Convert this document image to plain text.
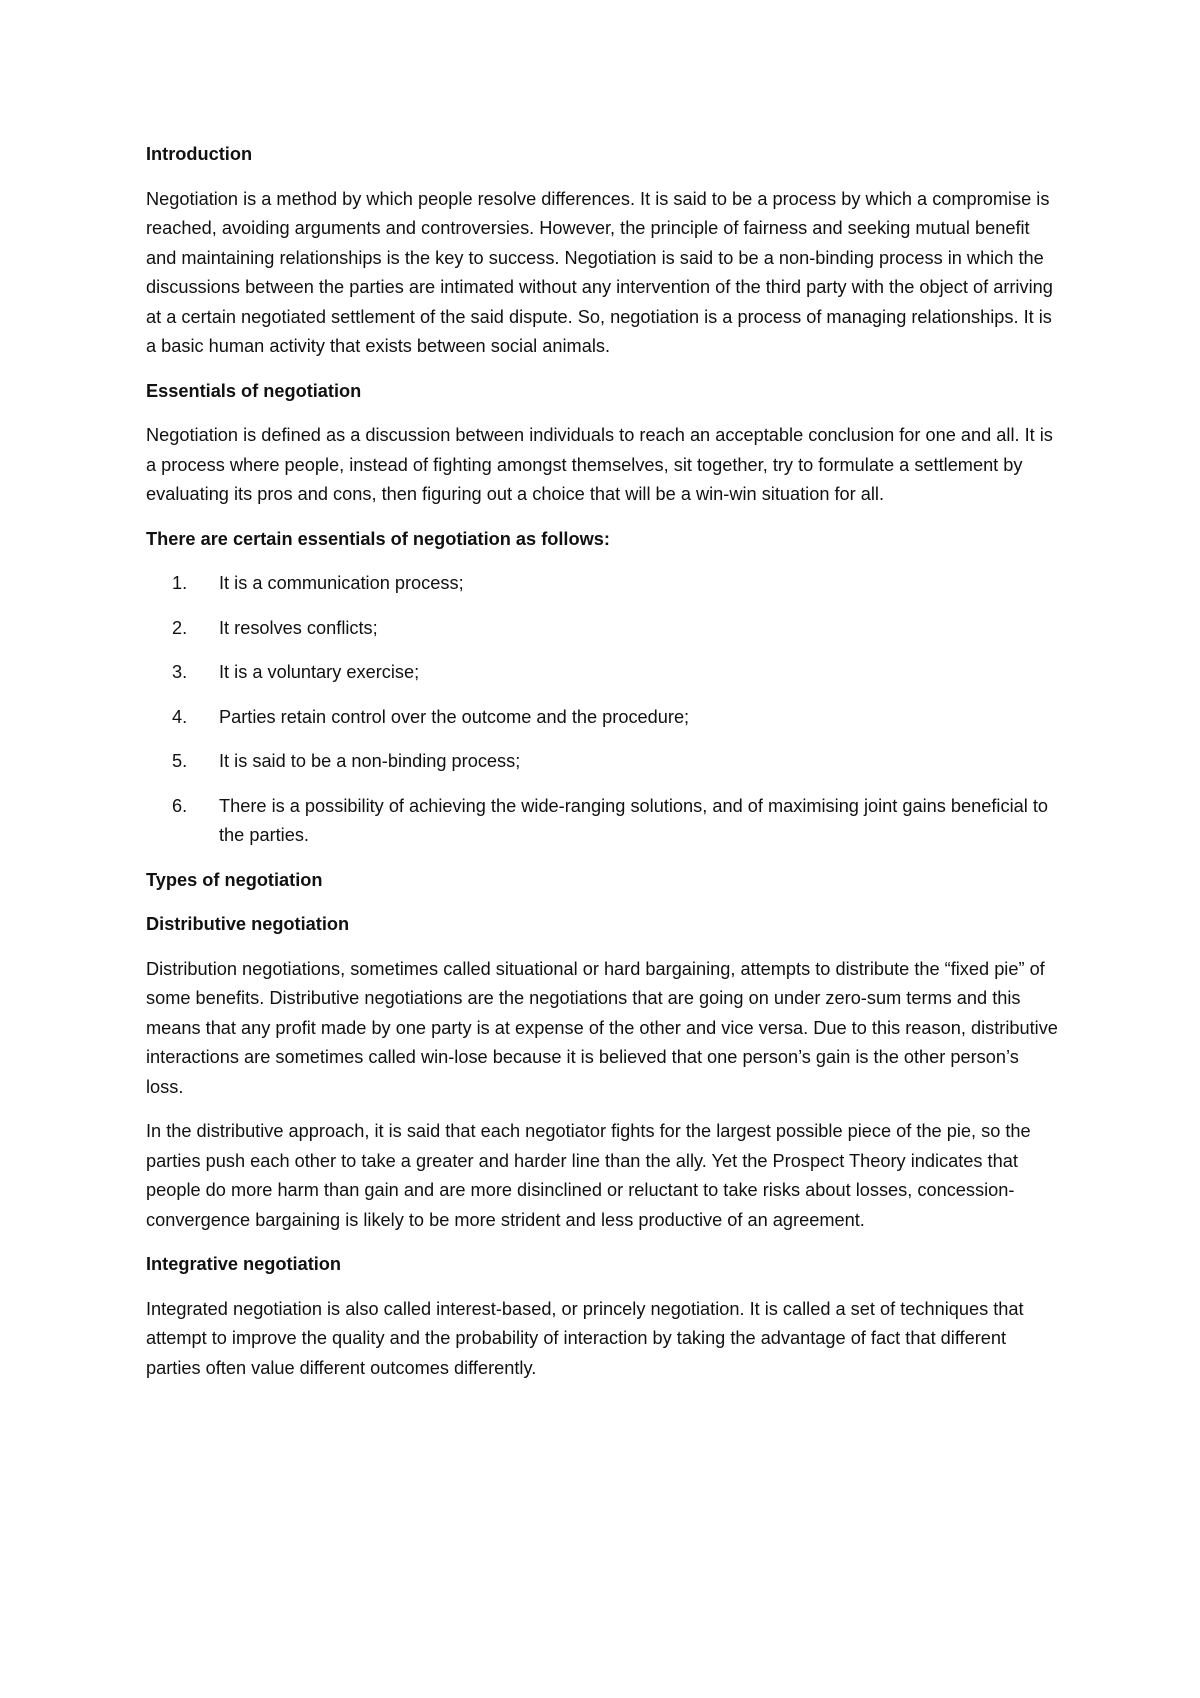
Introduction
Negotiation is a method by which people resolve differences. It is said to be a process by which a compromise is reached, avoiding arguments and controversies. However, the principle of fairness and seeking mutual benefit and maintaining relationships is the key to success. Negotiation is said to be a non-binding process in which the discussions between the parties are intimated without any intervention of the third party with the object of arriving at a certain negotiated settlement of the said dispute. So, negotiation is a process of managing relationships. It is a basic human activity that exists between social animals.
Essentials of negotiation
Negotiation is defined as a discussion between individuals to reach an acceptable conclusion for one and all. It is a process where people, instead of fighting amongst themselves, sit together, try to formulate a settlement by evaluating its pros and cons, then figuring out a choice that will be a win-win situation for all.
There are certain essentials of negotiation as follows:
1. It is a communication process;
2. It resolves conflicts;
3. It is a voluntary exercise;
4. Parties retain control over the outcome and the procedure;
5. It is said to be a non-binding process;
6. There is a possibility of achieving the wide-ranging solutions, and of maximising joint gains beneficial to the parties.
Types of negotiation
Distributive negotiation
Distribution negotiations, sometimes called situational or hard bargaining, attempts to distribute the “fixed pie” of some benefits. Distributive negotiations are the negotiations that are going on under zero-sum terms and this means that any profit made by one party is at expense of the other and vice versa. Due to this reason, distributive interactions are sometimes called win-lose because it is believed that one person’s gain is the other person’s loss.
In the distributive approach, it is said that each negotiator fights for the largest possible piece of the pie, so the parties push each other to take a greater and harder line than the ally. Yet the Prospect Theory indicates that people do more harm than gain and are more disinclined or reluctant to take risks about losses, concession-convergence bargaining is likely to be more strident and less productive of an agreement.
Integrative negotiation
Integrated negotiation is also called interest-based, or princely negotiation. It is called a set of techniques that attempt to improve the quality and the probability of interaction by taking the advantage of fact that different parties often value different outcomes differently.
